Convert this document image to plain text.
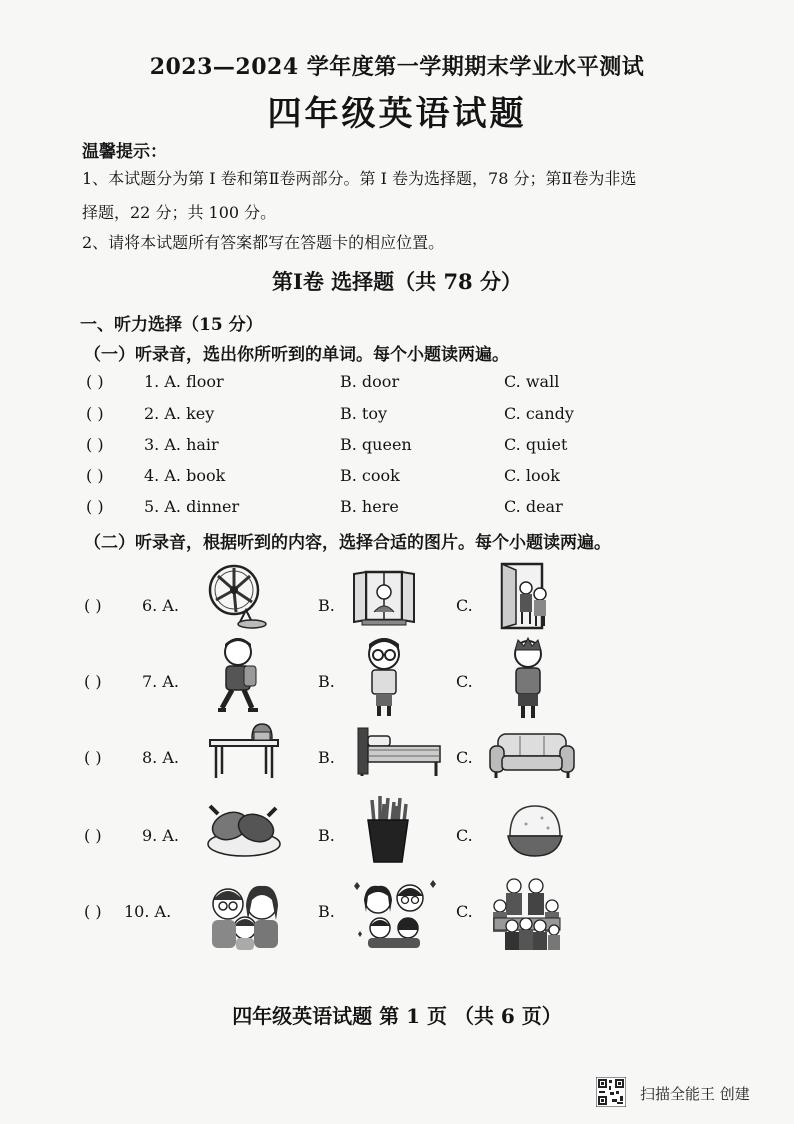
2023—2024 学年度第一学期期末学业水平测试
四年级英语试题
温馨提示：
1、本试题分为第 I 卷和第Ⅱ卷两部分。第 I 卷为选择题，78 分；第Ⅱ卷为非选
择题，22 分；共 100 分。
2、请将本试题所有答案都写在答题卡的相应位置。
第I卷 选择题（共 78 分）
一、听力选择（15 分）
（一）听录音，选出你所听到的单词。每个小题读两遍。
( )	1. A. floor	B. door	C. wall
( )	2. A. key	B. toy	C. candy
( )	3. A. hair	B. queen	C. quiet
( )	4. A. book	B. cook	C. look
( )	5. A. dinner	B. here	C. dear
（二）听录音，根据听到的内容，选择合适的图片。每个小题读两遍。
( )	6. A.	B.	C.
( )	7. A.	B.	C.
( )	8. A.	B.	C.
( )	9. A.	B.	C.
( ) 10. A.	B.	C.
四年级英语试题 第 1 页 （共 6 页）
扫描全能王 创建
